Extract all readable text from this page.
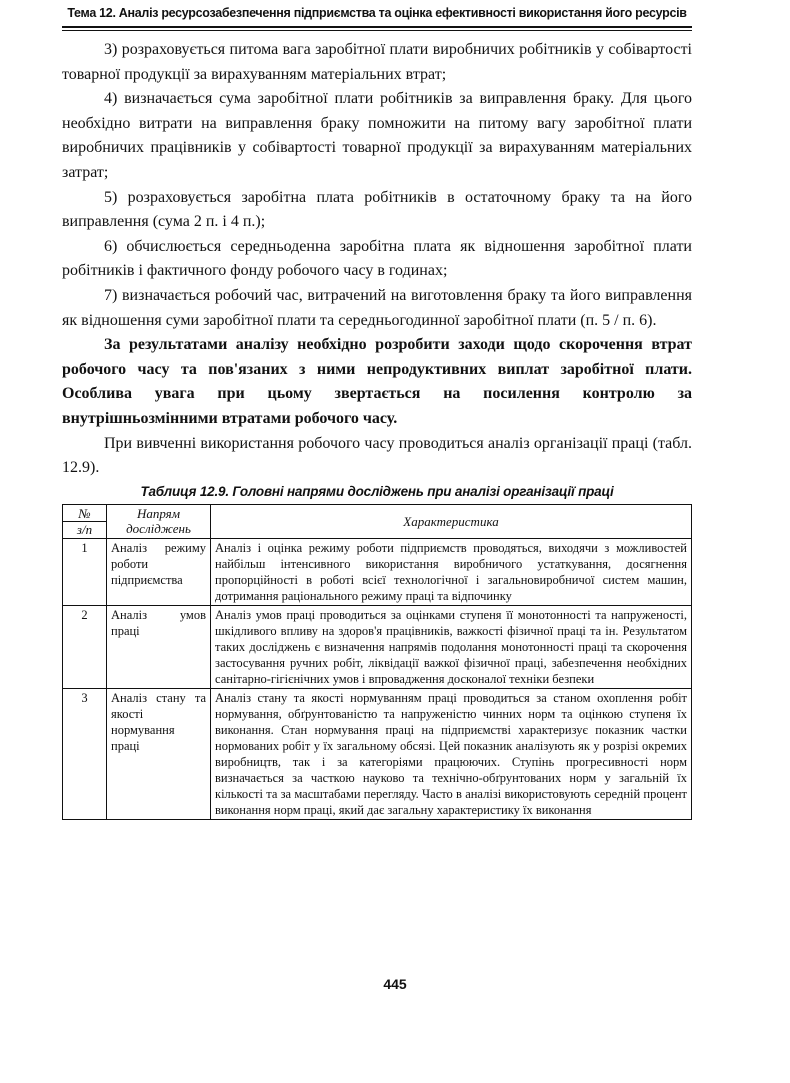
Тема 12. Аналіз ресурсозабезпечення підприємства та оцінка ефективності використання його ресурсів

3) розраховується питома вага заробітної плати виробничих робітників у собівартості товарної продукції за вирахуванням матеріальних втрат;

4) визначається сума заробітної плати робітників за виправлення браку. Для цього необхідно витрати на виправлення браку помножити на питому вагу заробітної плати виробничих працівників у собівартості товарної продукції за вирахуванням матеріальних затрат;

5) розраховується заробітна плата робітників в остаточному браку та на його виправлення (сума 2 п. і 4 п.);

6) обчислюється середньоденна заробітна плата як відношення заробітної плати робітників і фактичного фонду робочого часу в годинах;

7) визначається робочий час, витрачений на виготовлення браку та його виправлення як відношення суми заробітної плати та середньогодинної заробітної плати (п. 5 / п. 6).

За результатами аналізу необхідно розробити заходи щодо скорочення втрат робочого часу та пов'язаних з ними непродуктивних виплат заробітної плати. Особлива увага при цьому звертається на посилення контролю за внутрішньозмінними втратами робочого часу.

При вивченні використання робочого часу проводиться аналіз організації праці (табл. 12.9).

Таблиця 12.9. Головні напрями досліджень при аналізі організації праці
№
з/п	Напрям досліджень	Характеристика
1	Аналіз режиму роботи підприємства	Аналіз і оцінка режиму роботи підприємств проводяться, виходячи з можливостей найбільш інтенсивного використання виробничого устаткування, досягнення пропорційності в роботі всієї технологічної і загальновиробничої систем машин, дотримання раціонального режиму праці та відпочинку
2	Аналіз умов праці	Аналіз умов праці проводиться за оцінками ступеня її монотонності та напруженості, шкідливого впливу на здоров'я працівників, важкості фізичної праці та ін. Результатом таких досліджень є визначення напрямів подолання монотонності праці та скорочення застосування ручних робіт, ліквідації важкої фізичної праці, забезпечення необхідних санітарно-гігієнічних умов і впровадження досконалої техніки безпеки
3	Аналіз стану та якості нормування праці	Аналіз стану та якості нормуванням праці проводиться за станом охоплення робіт нормування, обґрунтованістю та напруженістю чинних норм та оцінкою ступеня їх виконання. Стан нормування праці на підприємстві характеризує показник частки нормованих робіт у їх загальному обсязі. Цей показник аналізують як у розрізі окремих виробництв, так і за категоріями працюючих. Ступінь прогресивності норм визначається за часткою науково та технічно-обґрунтованих норм у загальній їх кількості та за масштабами перегляду. Часто в аналізі використовують середній процент виконання норм праці, який дає загальну характеристику їх виконання
445
